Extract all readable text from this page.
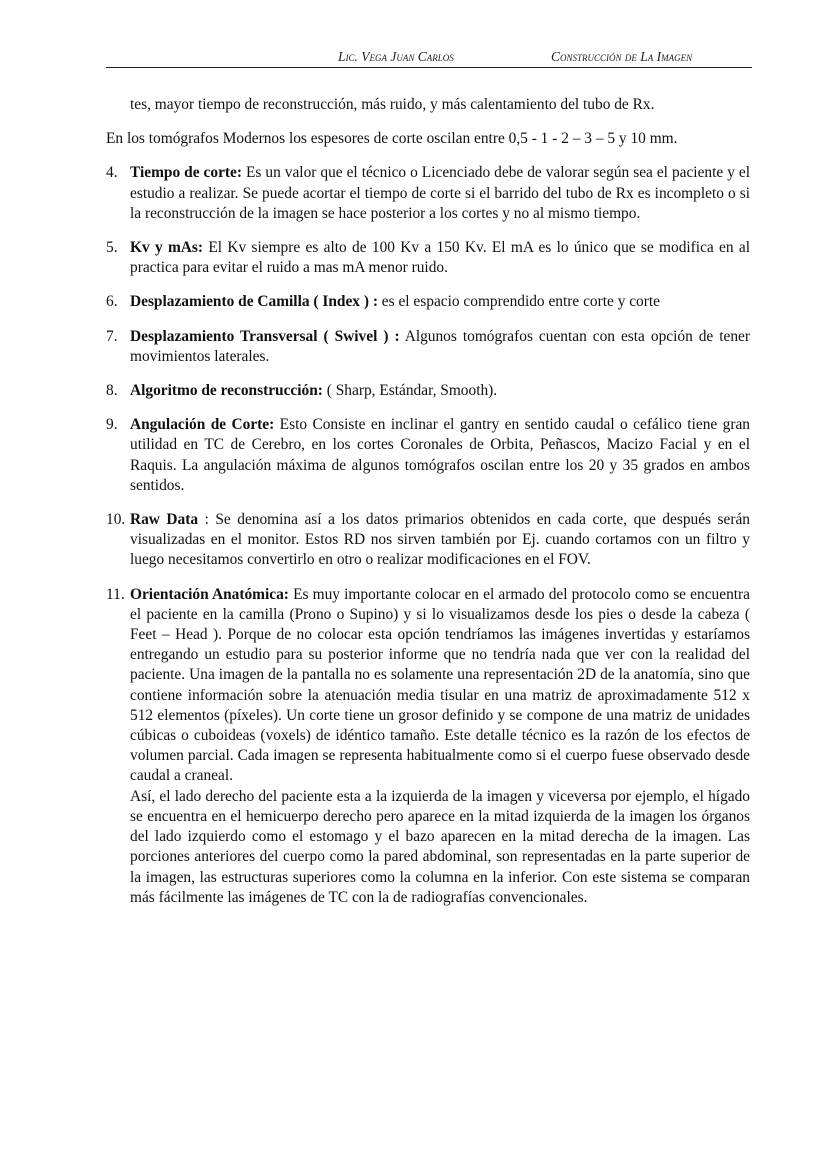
Lic. Vega Juan Carlos	Construcción de La Imagen

tes, mayor tiempo de reconstrucción, más ruido, y más calentamiento del tubo de Rx.

En los tomógrafos Modernos los espesores de corte oscilan entre 0,5 - 1 - 2 – 3 – 5 y 10 mm.

4. Tiempo de corte: Es un valor que el técnico o Licenciado debe de valorar según sea el paciente y el estudio a realizar. Se puede acortar el tiempo de corte si el barrido del tubo de Rx es incompleto o si la reconstrucción de la imagen se hace posterior a los cortes y no al mismo tiempo.
5. Kv y mAs: El Kv siempre es alto de 100 Kv a 150 Kv. El mA es lo único que se modifica en al practica para evitar el ruido a mas mA menor ruido.
6. Desplazamiento de Camilla ( Index ) : es el espacio comprendido entre corte y corte
7. Desplazamiento Transversal ( Swivel ) : Algunos tomógrafos cuentan con esta opción de tener movimientos laterales.
8. Algoritmo de reconstrucción: ( Sharp, Estándar, Smooth).
9. Angulación de Corte: Esto Consiste en inclinar el gantry en sentido caudal o cefálico tiene gran utilidad en TC de Cerebro, en los cortes Coronales de Orbita, Peñascos, Macizo Facial y en el Raquis. La angulación máxima de algunos tomógrafos oscilan entre los 20 y 35 grados en ambos sentidos.
10. Raw Data : Se denomina así a los datos primarios obtenidos en cada corte, que después serán visualizadas en el monitor. Estos RD nos sirven también por Ej. cuando cortamos con un filtro y luego necesitamos convertirlo en otro o realizar modificaciones en el FOV.
11. Orientación Anatómica: Es muy importante colocar en el armado del protocolo como se encuentra el paciente en la camilla (Prono o Supino) y si lo visualizamos desde los pies o desde la cabeza ( Feet – Head ). Porque de no colocar esta opción tendríamos las imágenes invertidas y estaríamos entregando un estudio para su posterior informe que no tendría nada que ver con la realidad del paciente. Una imagen de la pantalla no es solamente una representación 2D de la anatomía, sino que contiene información sobre la atenuación media tisular en una matriz de aproximadamente 512 x 512 elementos (píxeles). Un corte tiene un grosor definido y se compone de una matriz de unidades cúbicas o cuboideas (voxels) de idéntico tamaño. Este detalle técnico es la razón de los efectos de volumen parcial. Cada imagen se representa habitualmente como si el cuerpo fuese observado desde caudal a craneal.
Así, el lado derecho del paciente esta a la izquierda de la imagen y viceversa por ejemplo, el hígado se encuentra en el hemicuerpo derecho pero aparece en la mitad izquierda de la imagen los órganos del lado izquierdo como el estomago y el bazo aparecen en la mitad derecha de la imagen. Las porciones anteriores del cuerpo como la pared abdominal, son representadas en la parte superior de la imagen, las estructuras superiores como la columna en la inferior. Con este sistema se comparan más fácilmente las imágenes de TC con la de radiografías convencionales.
